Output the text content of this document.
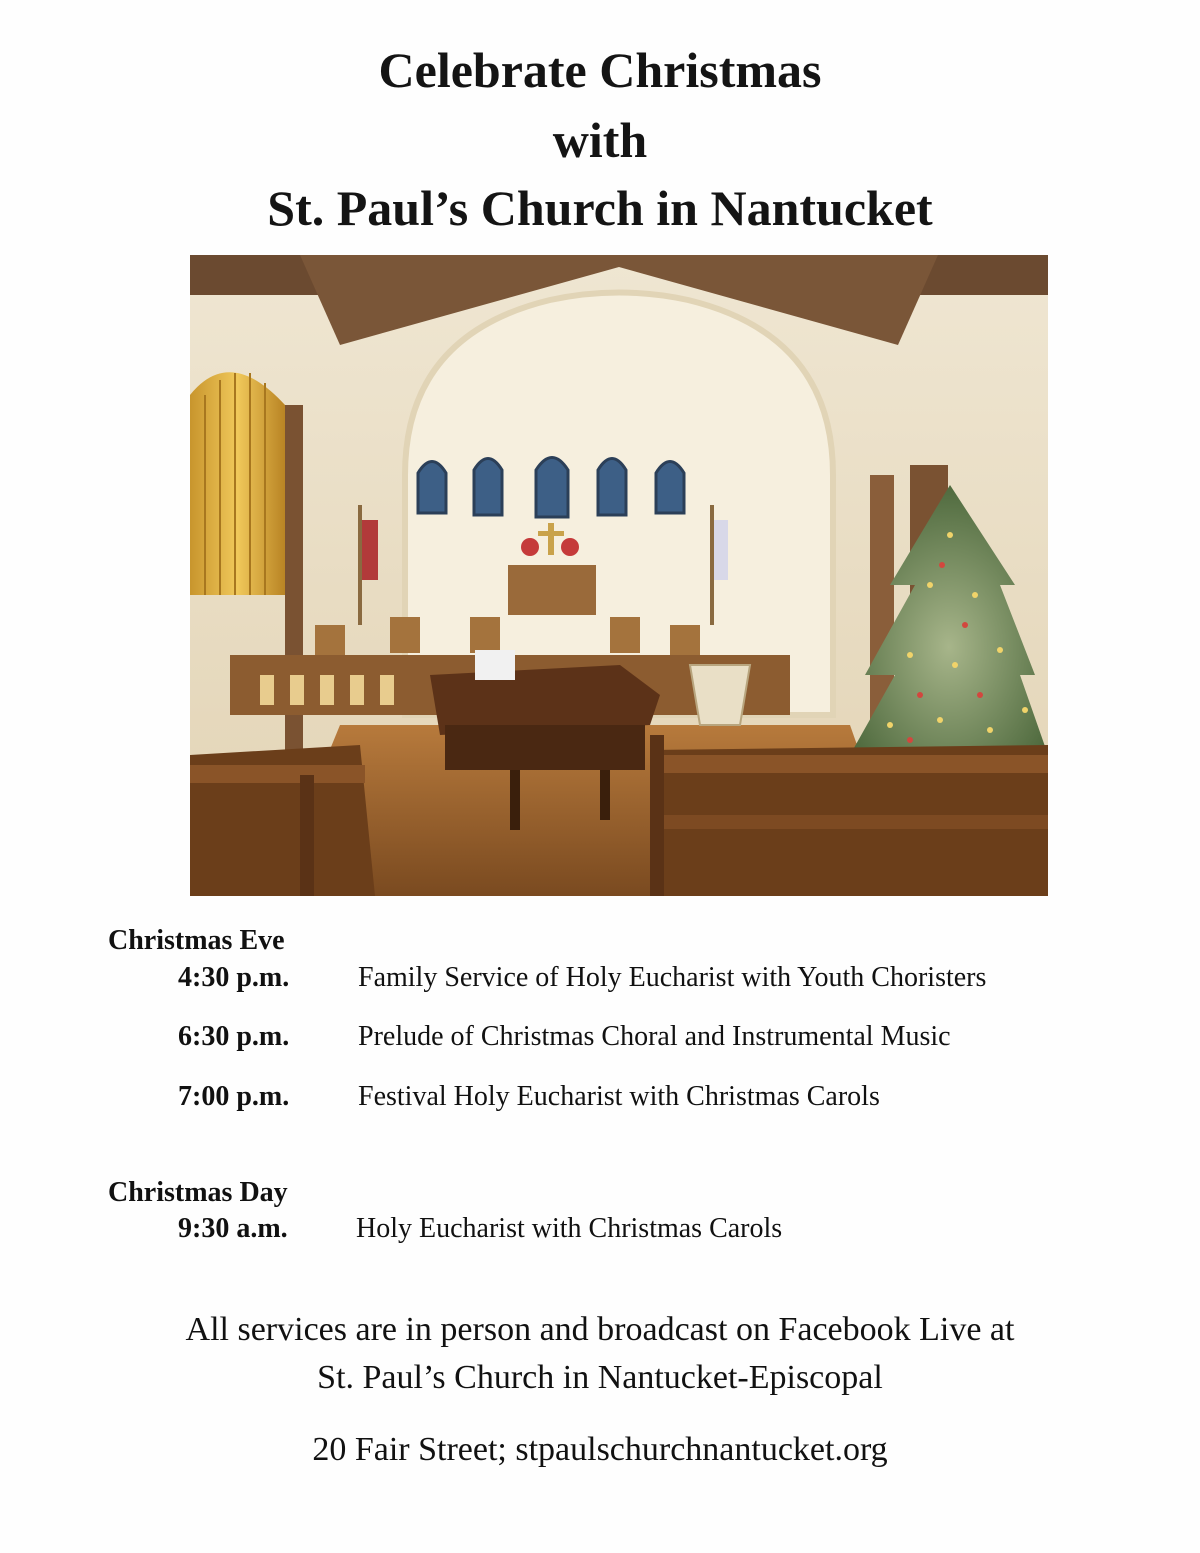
Celebrate Christmas
with
St. Paul’s Church in Nantucket
Christmas Eve
4:30 p.m. Family Service of Holy Eucharist with Youth Choristers
6:30 p.m. Prelude of Christmas Choral and Instrumental Music
7:00 p.m. Festival Holy Eucharist with Christmas Carols
Christmas Day
9:30 a.m. Holy Eucharist with Christmas Carols
All services are in person and broadcast on Facebook Live at
St. Paul’s Church in Nantucket-Episcopal
20 Fair Street; stpaulschurchnantucket.org
